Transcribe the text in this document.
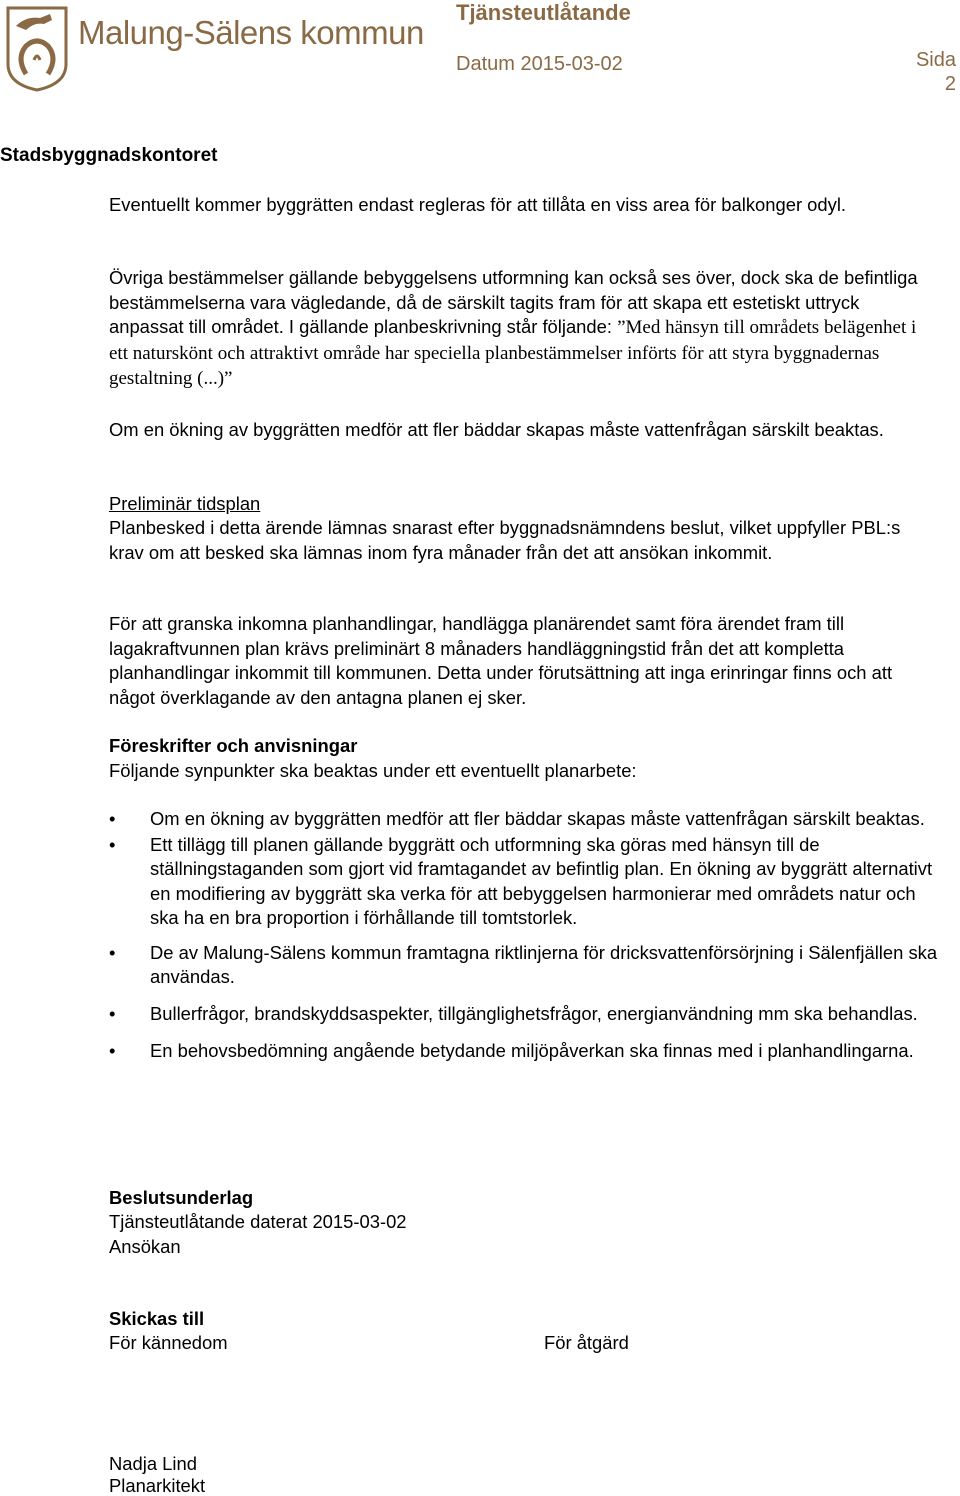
Malung-Sälens kommun
Tjänsteutlåtande
Datum 2015-03-02	Sida
2
Stadsbyggnadskontoret
Eventuellt kommer byggrätten endast regleras för att tillåta en viss area för balkonger odyl.
Övriga bestämmelser gällande bebyggelsens utformning kan också ses över, dock ska de befintliga bestämmelserna vara vägledande, då de särskilt tagits fram för att skapa ett estetiskt uttryck anpassat till området. I gällande planbeskrivning står följande: ”Med hänsyn till områdets belägenhet i ett naturskönt och attraktivt område har speciella planbestämmelser införts för att styra byggnadernas gestaltning (...)”
Om en ökning av byggrätten medför att fler bäddar skapas måste vattenfrågan särskilt beaktas.
Preliminär tidsplan
Planbesked i detta ärende lämnas snarast efter byggnadsnämndens beslut, vilket uppfyller PBL:s krav om att besked ska lämnas inom fyra månader från det att ansökan inkommit.
För att granska inkomna planhandlingar, handlägga planärendet samt föra ärendet fram till lagakraftvunnen plan krävs preliminärt 8 månaders handläggningstid från det att kompletta planhandlingar inkommit till kommunen. Detta under förutsättning att inga erinringar finns och att något överklagande av den antagna planen ej sker.
Föreskrifter och anvisningar
Följande synpunkter ska beaktas under ett eventuellt planarbete:
• Om en ökning av byggrätten medför att fler bäddar skapas måste vattenfrågan särskilt beaktas.
• Ett tillägg till planen gällande byggrätt och utformning ska göras med hänsyn till de ställningstaganden som gjort vid framtagandet av befintlig plan. En ökning av byggrätt alternativt en modifiering av byggrätt ska verka för att bebyggelsen harmonierar med områdets natur och ska ha en bra proportion i förhållande till tomtstorlek.
• De av Malung-Sälens kommun framtagna riktlinjerna för dricksvattenförsörjning i Sälenfjällen ska användas.
• Bullerfrågor, brandskyddsaspekter, tillgänglighetsfrågor, energianvändning mm ska behandlas.
• En behovsbedömning angående betydande miljöpåverkan ska finnas med i planhandlingarna.
Beslutsunderlag
Tjänsteutlåtande daterat 2015-03-02
Ansökan
Skickas till
För kännedom	För åtgärd
Nadja Lind
Planarkitekt
